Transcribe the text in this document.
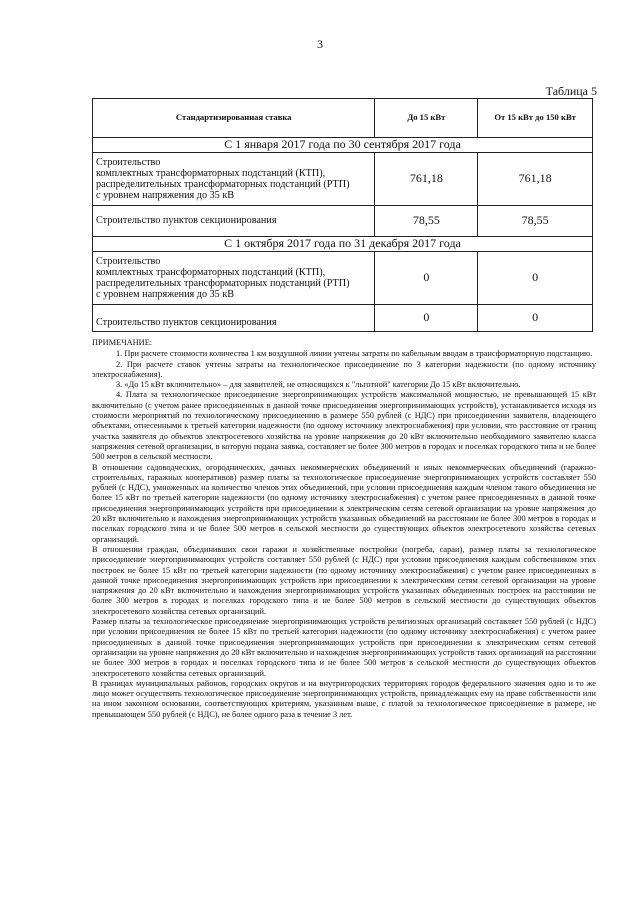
3
Таблица 5
Стандартизированная ставка	До 15 кВт	От 15 кВт до 150 кВт
С 1 января 2017 года по 30 сентября 2017 года		

Строительство
комплектных трансформаторных подстанций (КТП),
распределительных трансформаторных подстанций (РТП)
с уровнем напряжения до 35 кВ	761,18	761,18

Строительство пунктов секционирования	78,55	78,55
С 1 октября 2017 года по 31 декабря 2017 года		

Строительство
комплектных трансформаторных подстанций (КТП),
распределительных трансформаторных подстанций (РТП)
с уровнем напряжения до 35 кВ	0	0

Строительство пунктов секционирования	0	0

ПРИМЕЧАНИЕ:

1. При расчете стоимости количества 1 км воздушной линии учтены затраты по кабельным вводам в трансформаторную подстанцию.

2. При расчете ставок учтены затраты на технологическое присоединение по 3 категории надежности (по одному источнику электроснабжения).

3. «До 15 кВт включительно» – для заявителей, не относящихся к "льготной" категории До 15 кВт включительно.

4. Плата за технологическое присоединение энергопринимающих устройств максимальной мощностью, не превышающей 15 кВт включительно (с учетом ранее присоединенных в данной точке присоединения энергопринимающих устройств), устанавливается исходя из стоимости мероприятий по технологическому присоединению в размере 550 рублей (с НДС) при присоединении заявителя, владеющего объектами, отнесенными к третьей категории надежности (по одному источнику электроснабжения) при условии, что расстояние от границ участка заявителя до объектов электросетевого хозяйства на уровне напряжения до 20 кВт включительно необходимого заявителю класса напряжения сетевой организации, в которую подана заявка, составляет не более 300 метров в городах и поселках городского типа и не более 500 метров в сельской местности.

В отношении садоводческих, огороднических, дачных некоммерческих объединений и иных некоммерческих объединений (гаражно-строительных, гаражных кооперативов) размер платы за технологическое присоединение энергопринимающих устройств составляет 550 рублей (с НДС), умноженных на количество членов этих объединений, при условии присоединения каждым членом такого объединения не более 15 кВт по третьей категории надежности (по одному источнику электроснабжения) с учетом ранее присоединенных в данной точке присоединения энергопринимающих устройств при присоединении к электрическим сетям сетевой организации на уровне напряжения до 20 кВт включительно и нахождения энергопринимающих устройств указанных объединений на расстоянии не более 300 метров в городах и поселках городского типа и не более 500 метров в сельской местности до существующих объектов электросетевого хозяйства сетевых организаций.

В отношении граждан, объединивших свои гаражи и хозяйственные постройки (погреба, сараи), размер платы за технологическое присоединение энергопринимающих устройств составляет 550 рублей (с НДС) при условии присоединения каждым собственником этих построек не более 15 кВт по третьей категории надежности (по одному источнику электроснабжения) с учетом ранее присоединенных в данной точке присоединения энергопринимающих устройств при присоединении к электрическим сетям сетевой организации на уровне напряжения до 20 кВт включительно и нахождения энергопринимающих устройств указанных объединенных построек на расстоянии не более 300 метров в городах и поселках городского типа и не более 500 метров в сельской местности до существующих объектов электросетевого хозяйства сетевых организаций.

Размер платы за технологическое присоединение энергопринимающих устройств религиозных организаций составляет 550 рублей (с НДС) при условии присоединения не более 15 кВт по третьей категории надежности (по одному источнику электроснабжения) с учетом ранее присоединенных в данной точке присоединения энергопринимающих устройств при присоединении к электрическим сетям сетевой организации на уровне напряжения до 20 кВт включительно и нахождения энергопринимающих устройств таких организаций на расстоянии не более 300 метров в городах и поселках городского типа и не более 500 метров в сельской местности до существующих объектов электросетевого хозяйства сетевых организаций.

В границах муниципальных районов, городских округов и на внутригородских территориях городов федерального значения одно и то же лицо может осуществить технологическое присоединение энергопринимающих устройств, принадлежащих ему на праве собственности или на ином законном основании, соответствующих критериям, указанным выше, с платой за технологическое присоединение в размере, не превышающем 550 рублей (с НДС), не более одного раза в течение 3 лет.
